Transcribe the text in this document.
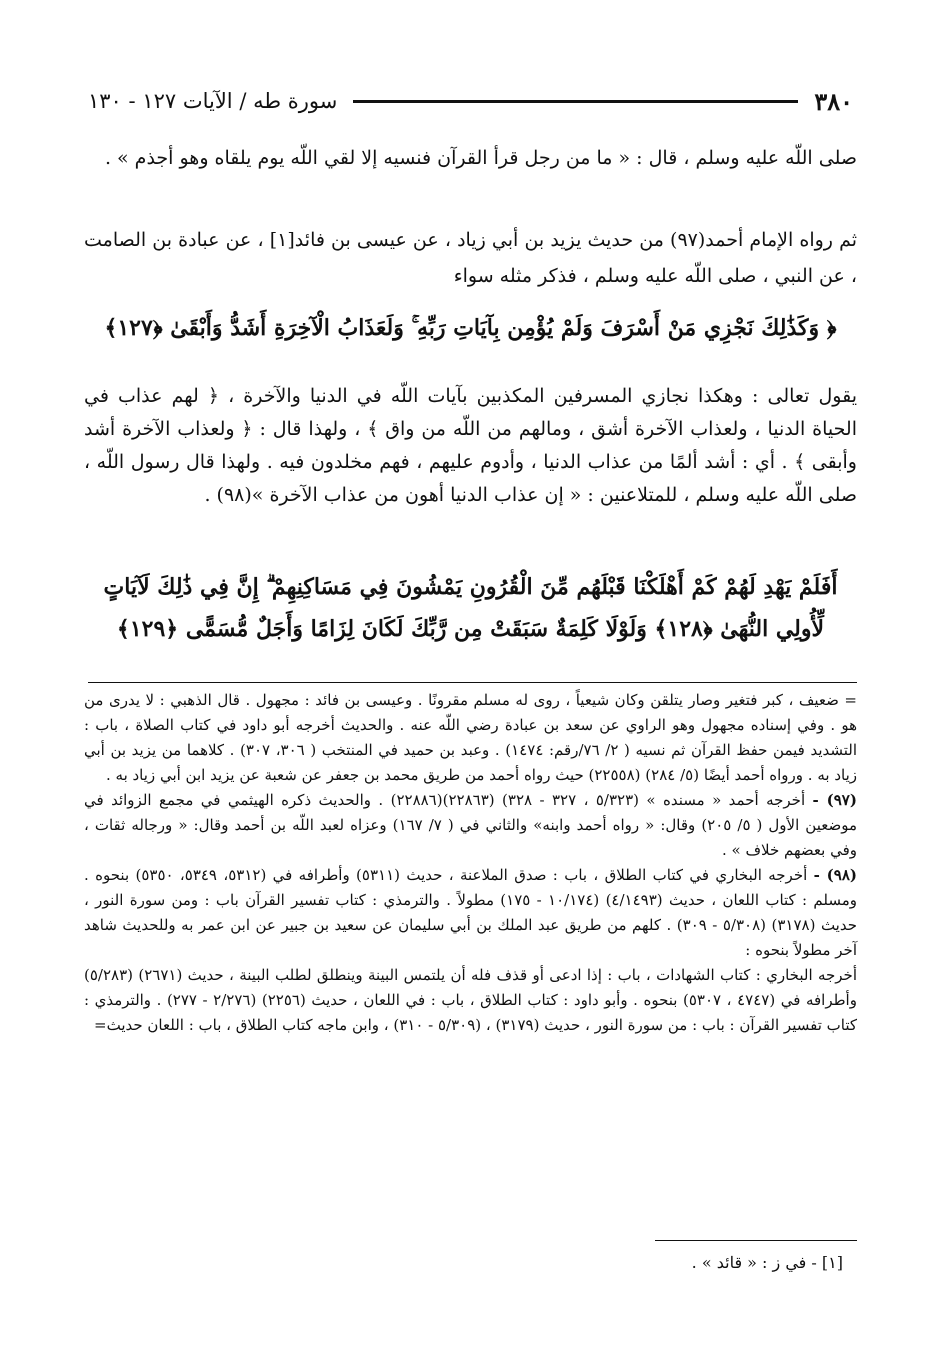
٣٨٠
سورة طه / الآيات ١٢٧ - ١٣٠

صلى اللّه عليه وسلم ، قال : « ما من رجل قرأ القرآن فنسيه إلا لقي اللّه يوم يلقاه وهو أجذم » .

ثم رواه الإمام أحمد(٩٧) من حديث يزيد بن أبي زياد ، عن عيسى بن فائد[١] ، عن عبادة بن الصامت ، عن النبي ، صلى اللّه عليه وسلم ، فذكر مثله سواء

﴿ وَكَذَٰلِكَ نَجْزِي مَنْ أَسْرَفَ وَلَمْ يُؤْمِن بِآيَاتِ رَبِّهِ ۚ وَلَعَذَابُ الْآخِرَةِ أَشَدُّ وَأَبْقَىٰ ﴿١٢٧﴾

يقول تعالى : وهكذا نجازي المسرفين المكذبين بآيات اللّه في الدنيا والآخرة ، ﴿ لهم عذاب في الحياة الدنيا ، ولعذاب الآخرة أشق ، ومالهم من اللّه من واق ﴾ ، ولهذا قال : ﴿ ولعذاب الآخرة أشد وأبقى ﴾ . أي : أشد ألمًا من عذاب الدنيا ، وأدوم عليهم ، فهم مخلدون فيه . ولهذا قال رسول اللّه ، صلى اللّه عليه وسلم ، للمتلاعنين : « إن عذاب الدنيا أهون من عذاب الآخرة »(٩٨) .

أَفَلَمْ يَهْدِ لَهُمْ كَمْ أَهْلَكْنَا قَبْلَهُم مِّنَ الْقُرُونِ يَمْشُونَ فِي مَسَاكِنِهِمْ ۗ إِنَّ فِي ذَٰلِكَ لَآيَاتٍ لِّأُولِي النُّهَىٰ ﴿١٢٨﴾ وَلَوْلَا كَلِمَةٌ سَبَقَتْ مِن رَّبِّكَ لَكَانَ لِزَامًا وَأَجَلٌ مُّسَمًّى ﴿١٢٩﴾

= ضعيف ، كبر فتغير وصار يتلقن وكان شيعياً ، روى له مسلم مقرونًا . وعيسى بن فائد : مجهول . قال الذهبي : لا يدرى من هو . وفي إسناده مجهول وهو الراوي عن سعد بن عبادة رضي اللّه عنه . والحديث أخرجه أبو داود في كتاب الصلاة ، باب : التشديد فيمن حفظ القرآن ثم نسيه ( ٢/ ٧٦/رقم: ١٤٧٤) . وعبد بن حميد في المنتخب ( ٣٠٦، ٣٠٧) . كلاهما من يزيد بن أبي زياد به . ورواه أحمد أيضًا (٥/ ٢٨٤) (٢٢٥٥٨) حيث رواه أحمد من طريق محمد بن جعفر عن شعبة عن يزيد ابن أبي زياد به .

(٩٧) - أخرجه أحمد « مسنده » (٥/٣٢٣ ، ٣٢٧ - ٣٢٨) (٢٢٨٦٣)(٢٢٨٨٦) . والحديث ذكره الهيثمي في مجمع الزوائد في موضعين الأول ( ٥/ ٢٠٥) وقال: « رواه أحمد وابنه» والثاني في ( ٧/ ١٦٧) وعزاه لعبد اللّه بن أحمد وقال: « ورجاله ثقات ، وفي بعضهم خلاف » .

(٩٨) - أخرجه البخاري في كتاب الطلاق ، باب : صدق الملاعنة ، حديث (٥٣١١) وأطرافه في (٥٣١٢، ٥٣٤٩، ٥٣٥٠) بنحوه . ومسلم : كتاب اللعان ، حديث (٤/١٤٩٣) (١٠/١٧٤ - ١٧٥) مطولاً . والترمذي : كتاب تفسير القرآن باب : ومن سورة النور ، حديث (٣١٧٨) (٥/٣٠٨ - ٣٠٩) . كلهم من طريق عبد الملك بن أبي سليمان عن سعيد بن جبير عن ابن عمر به وللحديث شاهد آخر مطولاً بنحوه :

أخرجه البخاري : كتاب الشهادات ، باب : إذا ادعى أو قذف فله أن يلتمس البينة وينطلق لطلب البينة ، حديث (٢٦٧١) (٥/٢٨٣) وأطرافه في (٤٧٤٧ ، ٥٣٠٧) بنحوه . وأبو داود : كتاب الطلاق ، باب : في اللعان ، حديث (٢٢٥٦) (٢/٢٧٦ - ٢٧٧) . والترمذي : كتاب تفسير القرآن : باب : من سورة النور ، حديث (٣١٧٩) ، (٥/٣٠٩ - ٣١٠) ، وابن ماجه كتاب الطلاق ، باب : اللعان حديث=

[١] - في ز : « قائد » .
